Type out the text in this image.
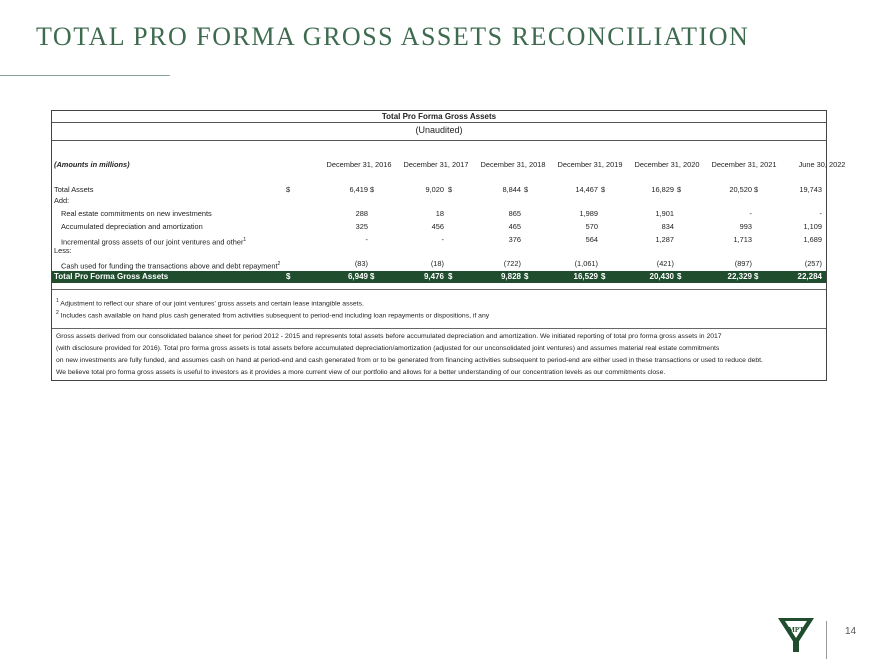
TOTAL PRO FORMA GROSS ASSETS RECONCILIATION
Total Pro Forma Gross Assets
(Unaudited)
(Amounts in millions)	December 31, 2016	December 31, 2017	December 31, 2018	December 31, 2019	December 31, 2020	December 31, 2021	June 30, 2022
Total Assets	$	6,419 $	9,020 $	8,844 $	14,467 $	16,829 $	20,520 $	19,743
Add:
Real estate commitments on new investments	288	18	865	1,989	1,901	-	-
Accumulated depreciation and amortization	325	456	465	570	834	993	1,109
Incremental gross assets of our joint ventures and other$^1$	-	-	376	564	1,287	1,713	1,689
Less:
Cash used for funding the transactions above and debt repayment$^2$	(83)	(18)	(722)	(1,061)	(421)	(897)	(257)
Total Pro Forma Gross Assets	$	6,949 $	9,476 $	9,828 $	16,529 $	20,430 $	22,329 $	22,284
$^1$ Adjustment to reflect our share of our joint ventures' gross assets and certain lease intangible assets.
$^2$ Includes cash available on hand plus cash generated from activities subsequent to period-end including loan repayments or dispositions, if any
Gross assets derived from our consolidated balance sheet for period 2012 - 2015 and represents total assets before accumulated depreciation and amortization. We initiated reporting of total pro forma gross assets in 2017
(with disclosure provided for 2016). Total pro forma gross assets is total assets before accumulated depreciation/amortization (adjusted for our unconsolidated joint ventures) and assumes material real estate commitments
on new investments are fully funded, and assumes cash on hand at period-end and cash generated from or to be generated from financing activities subsequent to period-end are either used in these transactions or used to reduce debt.
We believe total pro forma gross assets is useful to investors as it provides a more current view of our portfolio and allows for a better understanding of our concentration levels as our commitments close.
14
MPT
